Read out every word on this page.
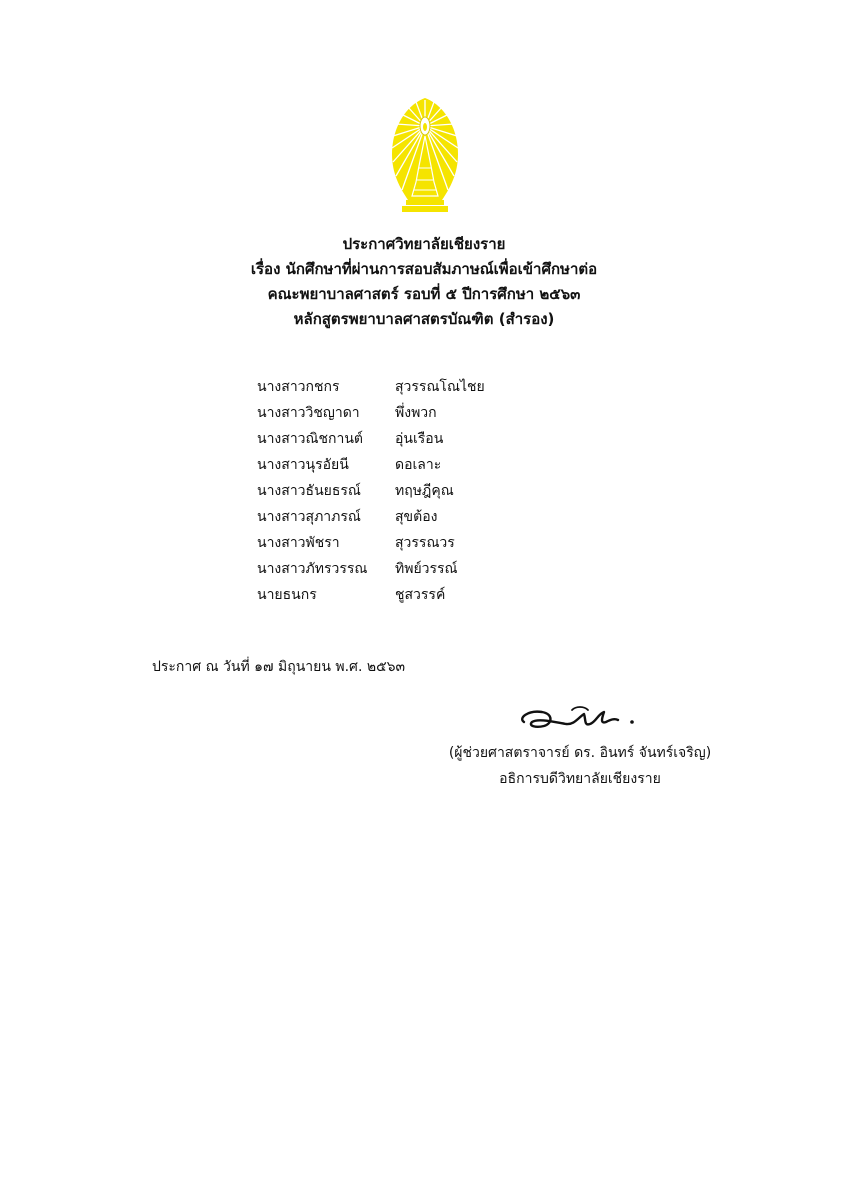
ประกาศวิทยาลัยเชียงราย
เรื่อง นักศึกษาที่ผ่านการสอบสัมภาษณ์เพื่อเข้าศึกษาต่อ
คณะพยาบาลศาสตร์ รอบที่ ๕ ปีการศึกษา ๒๕๖๓
หลักสูตรพยาบาลศาสตรบัณฑิต (สำรอง)
นางสาวกชกร	สุวรรณโณไชย
นางสาววิชญาดา	พึ่งพวก
นางสาวณิชกานต์	อุ่นเรือน
นางสาวนุรอัยนี	ดอเลาะ
นางสาวธันยธรณ์	ทฤษฎีคุณ
นางสาวสุภาภรณ์	สุขต้อง
นางสาวพัชรา	สุวรรณวร
นางสาวภัทรวรรณ	ทิพย์วรรณ์
นายธนกร	ชูสวรรค์
ประกาศ ณ วันที่ ๑๗ มิถุนายน พ.ศ. ๒๕๖๓
(ผู้ช่วยศาสตราจารย์ ดร. อินทร์ จันทร์เจริญ)
อธิการบดีวิทยาลัยเชียงราย
